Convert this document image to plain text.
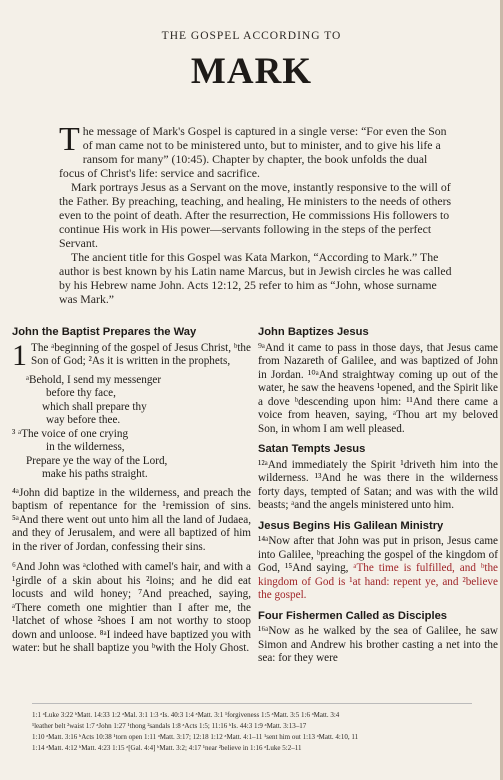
THE GOSPEL ACCORDING TO
MARK

The message of Mark's Gospel is captured in a single verse: “For even the Son of man came not to be ministered unto, but to minister, and to give his life a ransom for many” (10:45). Chapter by chapter, the book unfolds the dual focus of Christ's life: service and sacrifice.

Mark portrays Jesus as a Servant on the move, instantly responsive to the will of the Father. By preaching, teaching, and healing, He ministers to the needs of others even to the point of death. After the resurrection, He commissions His followers to continue His work in His power—servants following in the steps of the perfect Servant.

The ancient title for this Gospel was Kata Markon, “According to Mark.” The author is best known by his Latin name Marcus, but in Jewish circles he was called by his Hebrew name John. Acts 12:12, 25 refer to him as “John, whose surname was Mark.”

John the Baptist Prepares the Way

1 The ᵃbeginning of the gospel of Jesus Christ, ᵇthe Son of God; ²As it is written in the prophets,

ᵃBehold, I send my messenger
before thy face,
which shall prepare thy
way before thee.
³ ᵃThe voice of one crying
in the wilderness,
Prepare ye the way of the Lord,
make his paths straight.

⁴ᵃJohn did baptize in the wilderness, and preach the baptism of repentance for the ¹remission of sins. ⁵ᵃAnd there went out unto him all the land of Judaea, and they of Jerusalem, and were all baptized of him in the river of Jordan, confessing their sins.

⁶And John was ᵃclothed with camel's hair, and with a ¹girdle of a skin about his ²loins; and he did eat locusts and wild honey; ⁷And preached, saying, ᵃThere cometh one mightier than I after me, the ¹latchet of whose ²shoes I am not worthy to stoop down and unloose. ⁸ᵃI indeed have baptized you with water: but he shall baptize you ᵇwith the Holy Ghost.

John Baptizes Jesus

⁹ᵃAnd it came to pass in those days, that Jesus came from Nazareth of Galilee, and was baptized of John in Jordan. ¹⁰ᵃAnd straightway coming up out of the water, he saw the heavens ¹opened, and the Spirit like a dove ᵇdescending upon him: ¹¹And there came a voice from heaven, saying, ᵃThou art my beloved Son, in whom I am well pleased.

Satan Tempts Jesus

¹²ᵃAnd immediately the Spirit ¹driveth him into the wilderness. ¹³And he was there in the wilderness forty days, tempted of Satan; and was with the wild beasts; ᵃand the angels ministered unto him.

Jesus Begins His Galilean Ministry

¹⁴ᵃNow after that John was put in prison, Jesus came into Galilee, ᵇpreaching the gospel of the kingdom of God, ¹⁵And saying, ᵃThe time is fulfilled, and ᵇthe kingdom of God is ¹at hand: repent ye, and ²believe the gospel.

Four Fishermen Called as Disciples

¹⁶ᵃNow as he walked by the sea of Galilee, he saw Simon and Andrew his brother casting a net into the sea: for they were

1:1 ᵃLuke 3:22 ᵇMatt. 14:33 1:2 ᵃMal. 3:1 1:3 ᵃIs. 40:3 1:4 ᵃMatt. 3:1 ¹forgiveness 1:5 ᵃMatt. 3:5 1:6 ᵃMatt. 3:4
¹leather belt ²waist 1:7 ᵃJohn 1:27 ¹thong ²sandals 1:8 ᵃActs 1:5; 11:16 ᵇIs. 44:3 1:9 ᵃMatt. 3:13–17
1:10 ᵃMatt. 3:16 ᵇActs 10:38 ¹torn open 1:11 ᵃMatt. 3:17; 12:18 1:12 ᵃMatt. 4:1–11 ¹sent him out 1:13 ᵃMatt. 4:10, 11
1:14 ᵃMatt. 4:12 ᵇMatt. 4:23 1:15 ᵃ[Gal. 4:4] ᵇMatt. 3:2; 4:17 ¹near ²believe in 1:16 ᵃLuke 5:2–11
